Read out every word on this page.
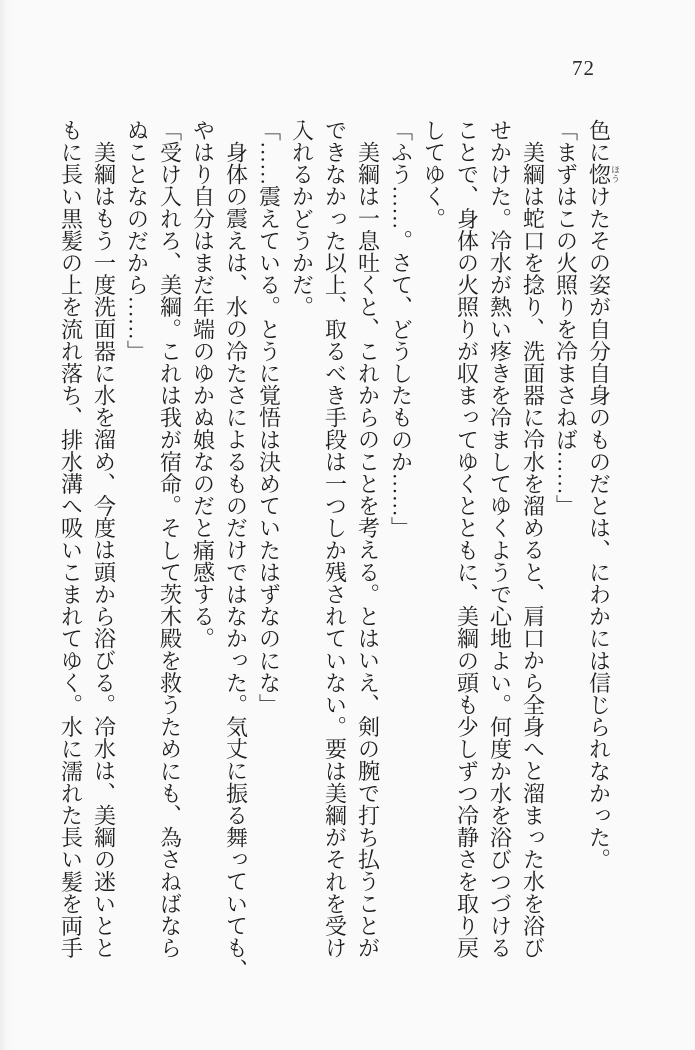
72

色に惚ほうけたその姿が自分自身のものだとは、にわかには信じられなかった。

「まずはこの火照りを冷まさねば……」

美綱は蛇口を捻り、洗面器に冷水を溜めると、肩口から全身へと溜まった水を浴び

せかけた。冷水が熱い疼きを冷ましてゆくようで心地よい。何度か水を浴びつづける

ことで、身体の火照りが収まってゆくとともに、美綱の頭も少しずつ冷静さを取り戻

してゆく。

「ふう……。さて、どうしたものか……」

美綱は一息吐くと、これからのことを考える。とはいえ、剣の腕で打ち払うことが

できなかった以上、取るべき手段は一つしか残されていない。要は美綱がそれを受け

入れるかどうかだ。

「……震えている。とうに覚悟は決めていたはずなのにな」

身体の震えは、水の冷たさによるものだけではなかった。気丈に振る舞っていても、

やはり自分はまだ年端のゆかぬ娘なのだと痛感する。

「受け入れろ、美綱。これは我が宿命。そして茨木殿を救うためにも、為さねばなら

ぬことなのだから……」

美綱はもう一度洗面器に水を溜め、今度は頭から浴びる。冷水は、美綱の迷いとと

もに長い黒髪の上を流れ落ち、排水溝へ吸いこまれてゆく。水に濡れた長い髪を両手
